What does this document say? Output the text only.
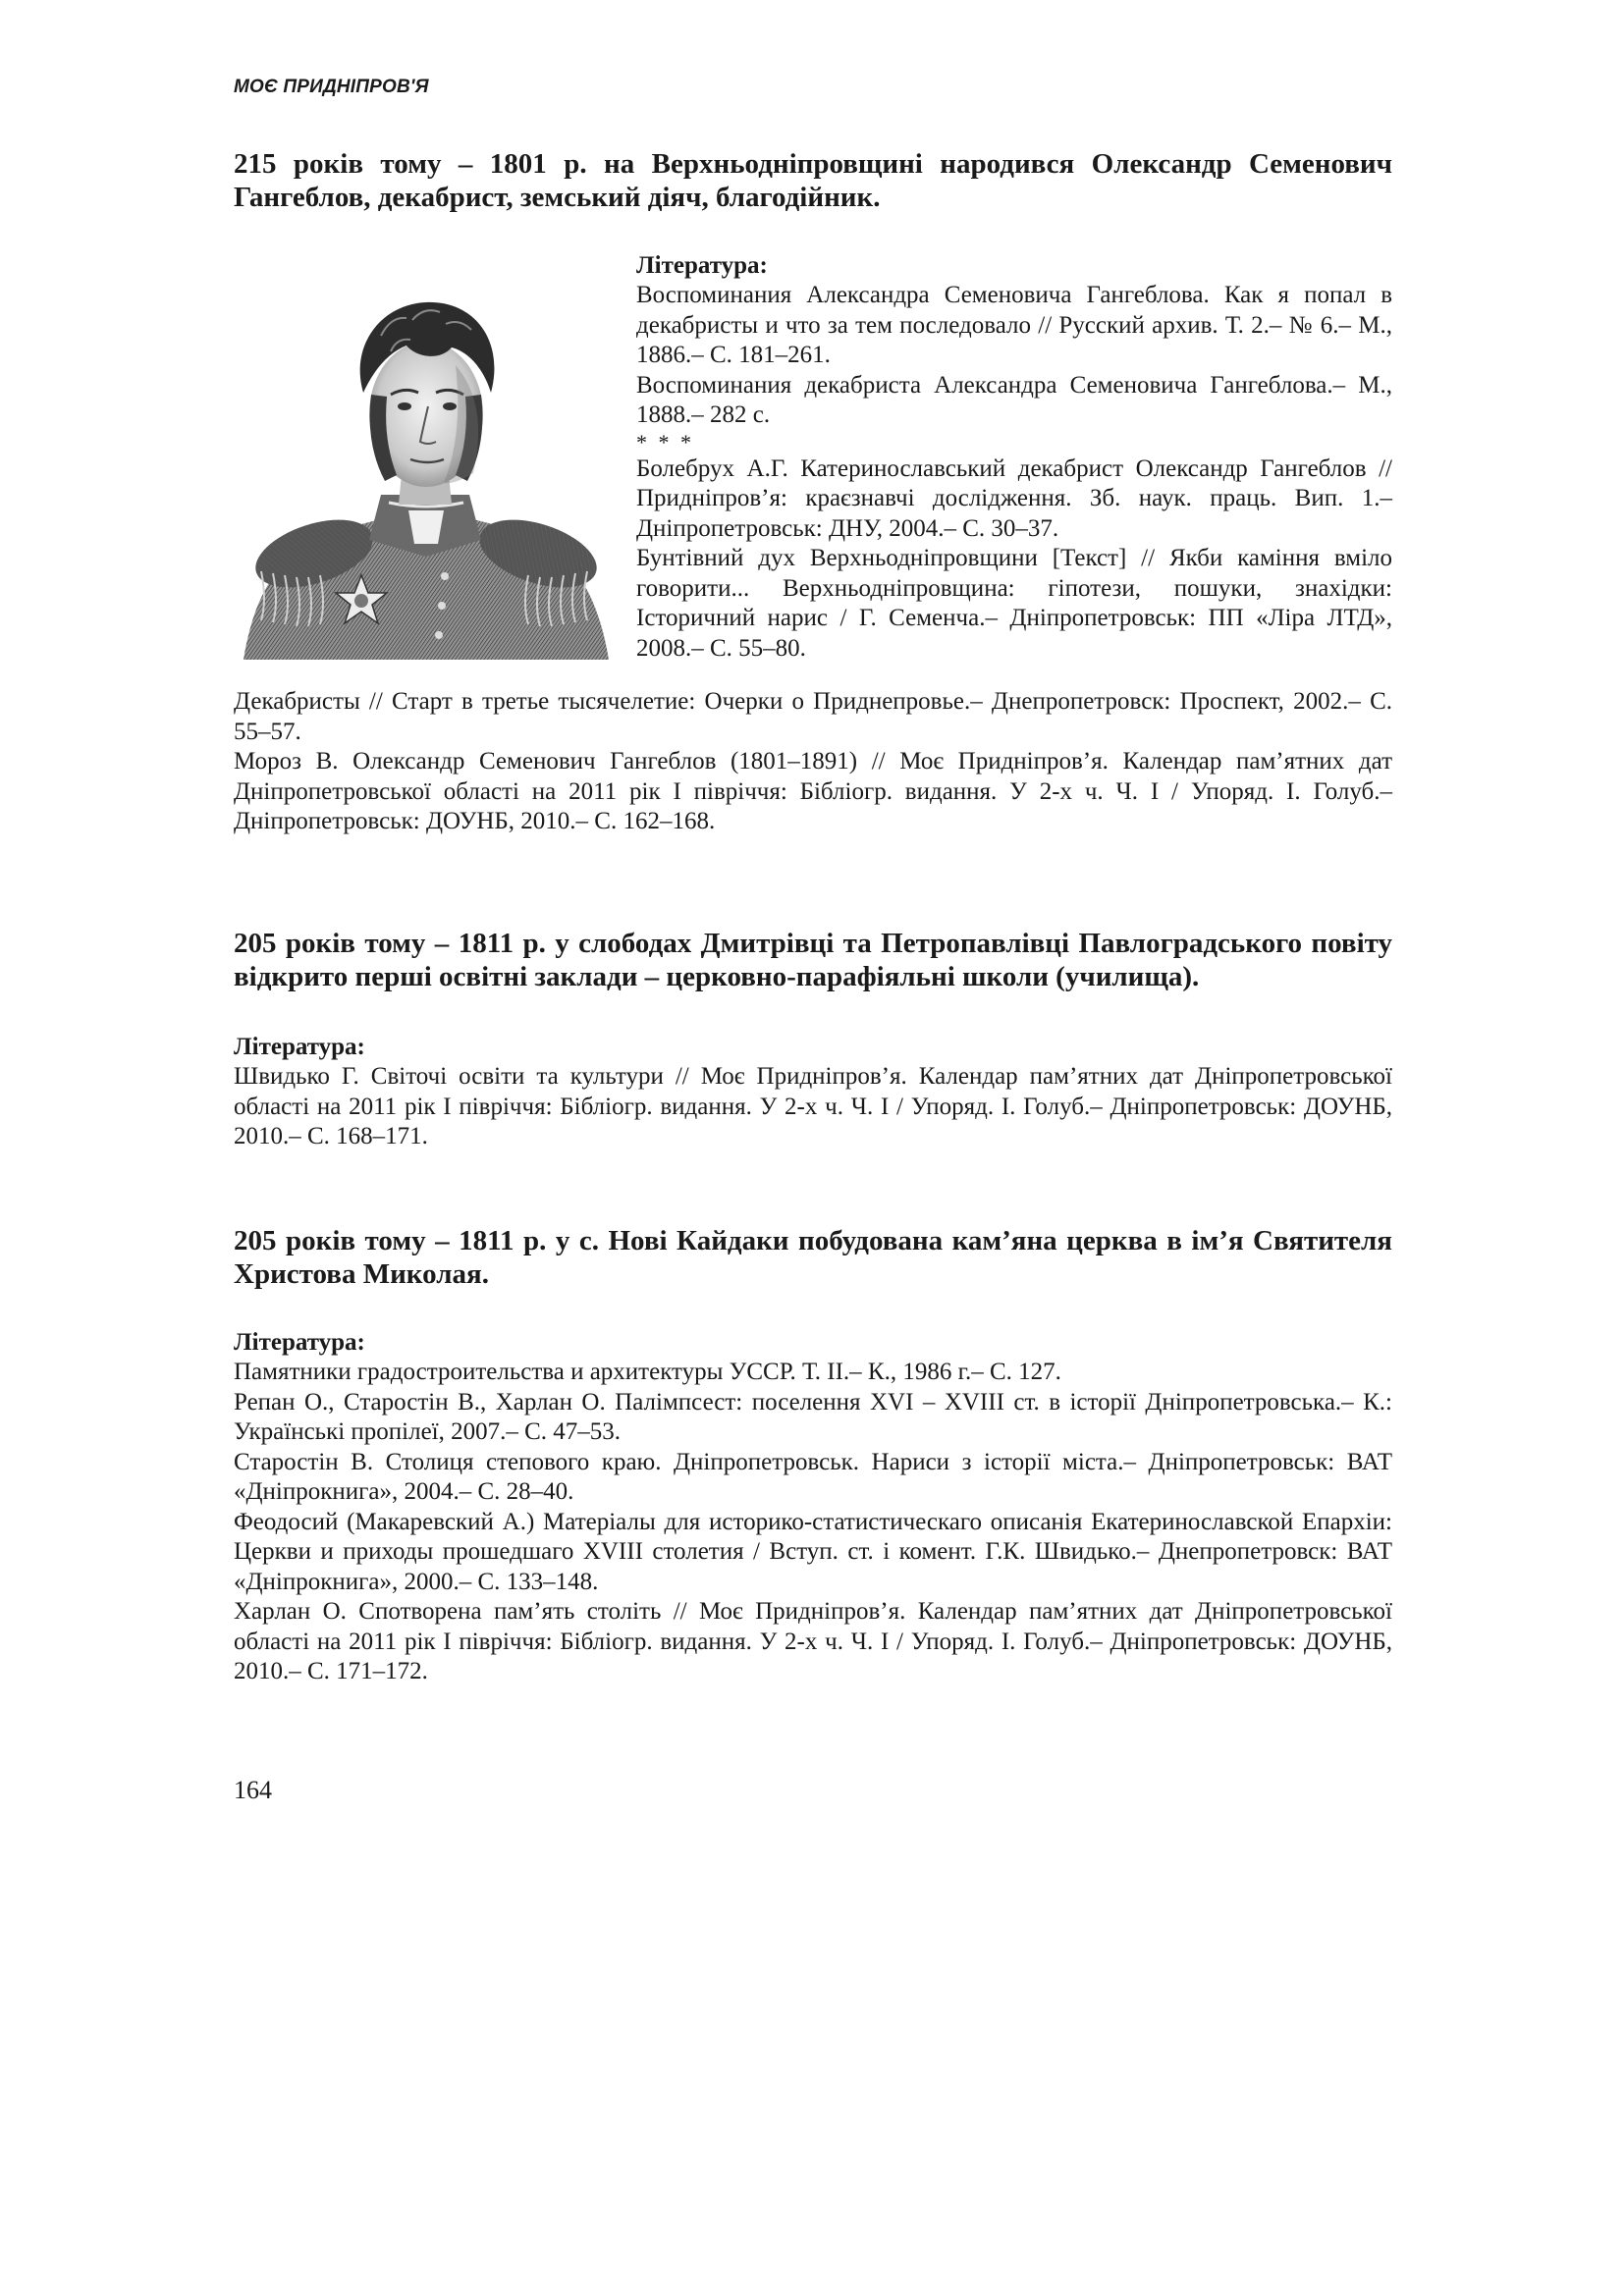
МОЄ ПРИДНІПРОВ'Я

215 років тому – 1801 р. на Верхньодніпровщині народився Олександр Семенович Гангеблов, декабрист, земський діяч, благодійник.

Література:

Воспоминания Александра Семеновича Гангеблова. Как я попал в декабристы и что за тем последовало // Русский архив. Т. 2.– № 6.– М., 1886.– С. 181–261.

Воспоминания декабриста Александра Семеновича Гангеблова.– М., 1888.– 282 с.

* * *

Болебрух А.Г. Катеринославський декабрист Олександр Гангеблов // Придніпров’я: краєзнавчі дослідження. Зб. наук. праць. Вип. 1.– Дніпропетровськ: ДНУ, 2004.– С. 30–37.

Бунтівний дух Верхньодніпровщини [Текст] // Якби каміння вміло говорити... Верхньодніпровщина: гіпотези, пошуки, знахідки: Історичний нарис / Г. Семенча.– Дніпропетровськ: ПП «Ліра ЛТД», 2008.– С. 55–80.

Декабристы // Старт в третье тысячелетие: Очерки о Приднепровье.– Днепропетровск: Проспект, 2002.– С. 55–57.

Мороз В. Олександр Семенович Гангеблов (1801–1891) // Моє Придніпров’я. Календар пам’ятних дат Дніпропетровської області на 2011 рік І півріччя: Бібліогр. видання. У 2-х ч. Ч. І / Упоряд. І. Голуб.– Дніпропетровськ: ДОУНБ, 2010.– С. 162–168.

205 років тому – 1811 р. у слободах Дмитрівці та Петропавлівці Павлоградського повіту відкрито перші освітні заклади – церковно-парафіяльні школи (училища).

Література:

Швидько Г. Світочі освіти та культури // Моє Придніпров’я. Календар пам’ятних дат Дніпропетровської області на 2011 рік І півріччя: Бібліогр. видання. У 2-х ч. Ч. І / Упоряд. І. Голуб.– Дніпропетровськ: ДОУНБ, 2010.– С. 168–171.

205 років тому – 1811 р. у с. Нові Кайдаки побудована кам’яна церква в ім’я Святителя Христова Миколая.

Література:

Памятники градостроительства и архитектуры УССР. Т. ІІ.– К., 1986 г.– С. 127.

Репан О., Старостін В., Харлан О. Палімпсест: поселення XVI – XVIII ст. в історії Дніпропетровська.– К.: Українські пропілеї, 2007.– С. 47–53.

Старостін В. Столиця степового краю. Дніпропетровськ. Нариси з історії міста.– Дніпропетровськ: ВАТ «Дніпрокнига», 2004.– С. 28–40.

Феодосий (Макаревский А.) Матеріалы для историко-статистическаго описанія Екатеринославской Епархіи: Церкви и приходы прошедшаго XVIII столетия / Вступ. ст. і комент. Г.К. Швидько.– Днепропетровск: ВАТ «Дніпрокнига», 2000.– С. 133–148.

Харлан О. Спотворена пам’ять століть // Моє Придніпров’я. Календар пам’ятних дат Дніпропетровської області на 2011 рік І півріччя: Бібліогр. видання. У 2-х ч. Ч. І / Упоряд. І. Голуб.– Дніпропетровськ: ДОУНБ, 2010.– С. 171–172.

164
